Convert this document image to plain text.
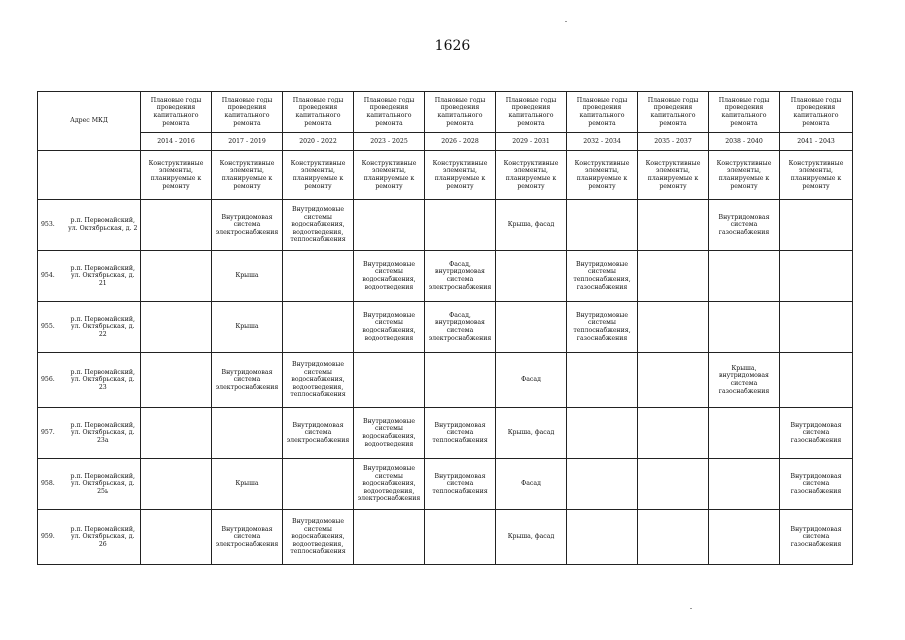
1626
Адрес МКД		Плановые годы проведения капитального ремонта	Плановые годы проведения капитального ремонта	Плановые годы проведения капитального ремонта	Плановые годы проведения капитального ремонта	Плановые годы проведения капитального ремонта	Плановые годы проведения капитального ремонта	Плановые годы проведения капитального ремонта	Плановые годы проведения капитального ремонта	Плановые годы проведения капитального ремонта	Плановые годы проведения капитального ремонта
		2014 - 2016	2017 - 2019	2020 - 2022	2023 - 2025	2026 - 2028	2029 - 2031	2032 - 2034	2035 - 2037	2038 - 2040	2041 - 2043
		Конструктивные элементы, планируемые к ремонту	Конструктивные элементы, планируемые к ремонту	Конструктивные элементы, планируемые к ремонту	Конструктивные элементы, планируемые к ремонту	Конструктивные элементы, планируемые к ремонту	Конструктивные элементы, планируемые к ремонту	Конструктивные элементы, планируемые к ремонту	Конструктивные элементы, планируемые к ремонту	Конструктивные элементы, планируемые к ремонту	Конструктивные элементы, планируемые к ремонту
953.	р.п. Первомайский, ул. Октябрьская, д. 2		Внутридомовая система электроснабжения	Внутридомовые системы водоснабжения, водоотведения, теплоснабжения			Крыша, фасад			Внутридомовая система газоснабжения	
954.	р.п. Первомайский, ул. Октябрьская, д. 21		Крыша		Внутридомовые системы водоснабжения, водоотведения	Фасад, внутридомовая система электроснабжения		Внутридомовые системы теплоснабжения, газоснабжения			
955.	р.п. Первомайский, ул. Октябрьская, д. 22		Крыша		Внутридомовые системы водоснабжения, водоотведения	Фасад, внутридомовая система электроснабжения		Внутридомовые системы теплоснабжения, газоснабжения			
956.	р.п. Первомайский, ул. Октябрьская, д. 23		Внутридомовая система электроснабжения	Внутридомовые системы водоснабжения, водоотведения, теплоснабжения			Фасад			Крыша, внутридомовая система газоснабжения	
957.	р.п. Первомайский, ул. Октябрьская, д. 23а			Внутридомовая система электроснабжения	Внутридомовые системы водоснабжения, водоотведения	Внутридомовая система теплоснабжения	Крыша, фасад				Внутридомовая система газоснабжения
958.	р.п. Первомайский, ул. Октябрьская, д. 25ь		Крыша		Внутридомовые системы водоснабжения, водоотведения, электроснабжения	Внутридомовая система теплоснабжения	Фасад				Внутридомовая система газоснабжения
959.	р.п. Первомайский, ул. Октябрьская, д. 26		Внутридомовая система электроснабжения	Внутридомовые системы водоснабжения, водоотведения, теплоснабжения			Крыша, фасад				Внутридомовая система газоснабжения
